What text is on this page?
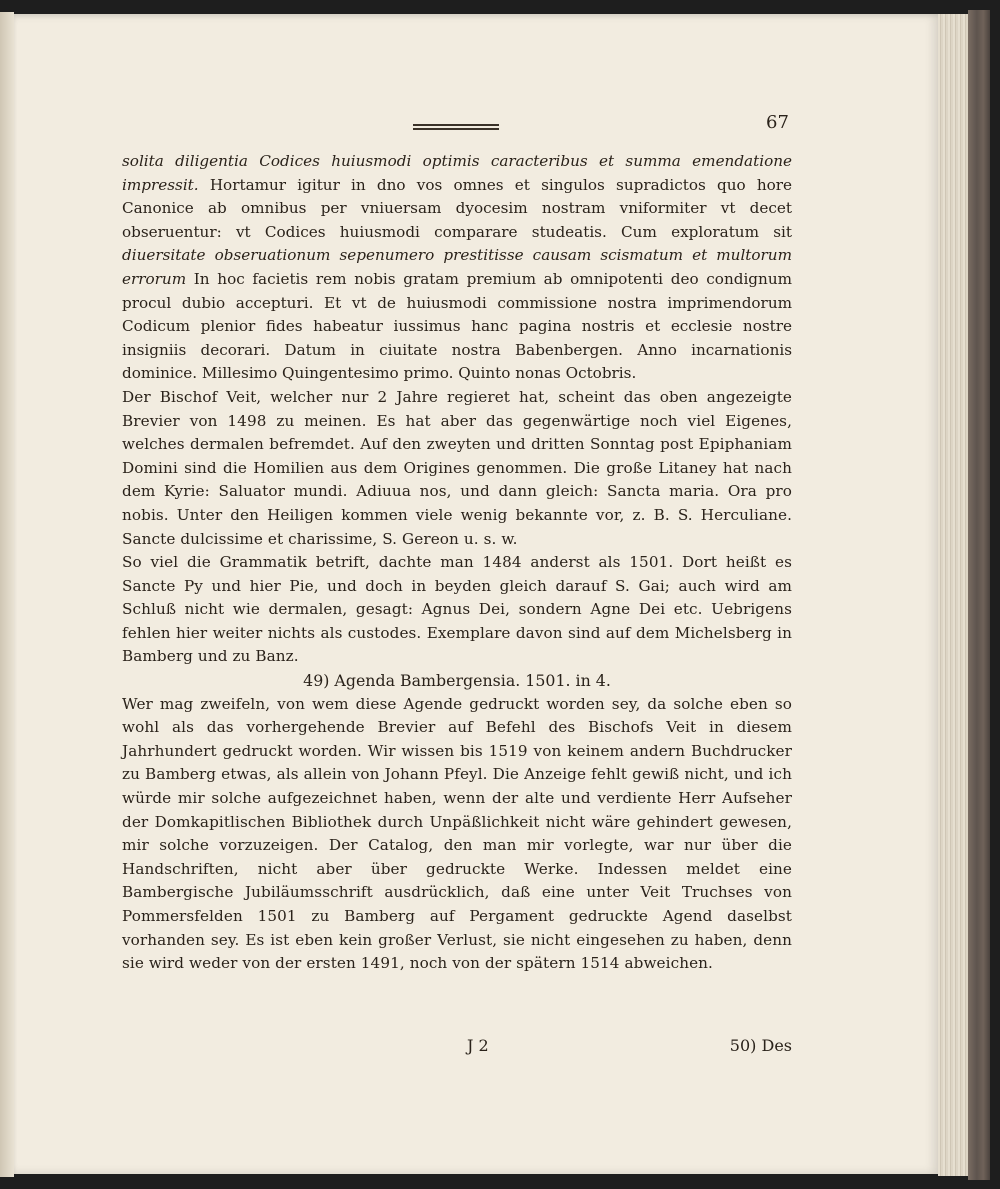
67

solita diligentia Codices huiusmodi optimis caracteribus et summa emendatione impressit. Hortamur igitur in dno vos omnes et singulos supradictos quo hore Canonice ab omnibus per vniuersam dyocesim nostram vniformiter vt decet obseruentur: vt Codices huiusmodi comparare studeatis. Cum exploratum sit diuersitate obseruationum sepenumero prestitisse causam scismatum et multorum errorum In hoc facietis rem nobis gratam premium ab omnipotenti deo condignum procul dubio accepturi. Et vt de huiusmodi commissione nostra imprimendorum Codicum plenior fides habeatur iussimus hanc pagina nostris et ecclesie nostre insigniis decorari. Datum in ciuitate nostra Babenbergen. Anno incarnationis dominice. Millesimo Quingentesimo primo. Quinto nonas Octobris.

Der Bischof Veit, welcher nur 2 Jahre regieret hat, scheint das oben angezeigte Brevier von 1498 zu meinen. Es hat aber das gegenwärtige noch viel Eigenes, welches dermalen befremdet. Auf den zweyten und dritten Sonntag post Epiphaniam Domini sind die Homilien aus dem Origines genommen. Die große Litaney hat nach dem Kyrie: Saluator mundi. Adiuua nos, und dann gleich: Sancta maria. Ora pro nobis. Unter den Heiligen kommen viele wenig bekannte vor, z. B. S. Herculiane. Sancte dulcissime et charissime, S. Gereon u. s. w.

So viel die Grammatik betrift, dachte man 1484 anderst als 1501. Dort heißt es Sancte Py und hier Pie, und doch in beyden gleich darauf S. Gai; auch wird am Schluß nicht wie dermalen, gesagt: Agnus Dei, sondern Agne Dei etc. Uebrigens fehlen hier weiter nichts als custodes. Exemplare davon sind auf dem Michelsberg in Bamberg und zu Banz.

49) Agenda Bambergensia. 1501. in 4.

Wer mag zweifeln, von wem diese Agende gedruckt worden sey, da solche eben so wohl als das vorhergehende Brevier auf Befehl des Bischofs Veit in diesem Jahrhundert gedruckt worden. Wir wissen bis 1519 von keinem andern Buchdrucker zu Bamberg etwas, als allein von Johann Pfeyl. Die Anzeige fehlt gewiß nicht, und ich würde mir solche aufgezeichnet haben, wenn der alte und verdiente Herr Aufseher der Domkapitlischen Bibliothek durch Unpäßlichkeit nicht wäre gehindert gewesen, mir solche vorzuzeigen. Der Catalog, den man mir vorlegte, war nur über die Handschriften, nicht aber über gedruckte Werke. Indessen meldet eine Bambergische Jubiläumsschrift ausdrücklich, daß eine unter Veit Truchses von Pommersfelden 1501 zu Bamberg auf Pergament gedruckte Agend daselbst vorhanden sey. Es ist eben kein großer Verlust, sie nicht eingesehen zu haben, denn sie wird weder von der ersten 1491, noch von der spätern 1514 abweichen.

J 2	50) Des
